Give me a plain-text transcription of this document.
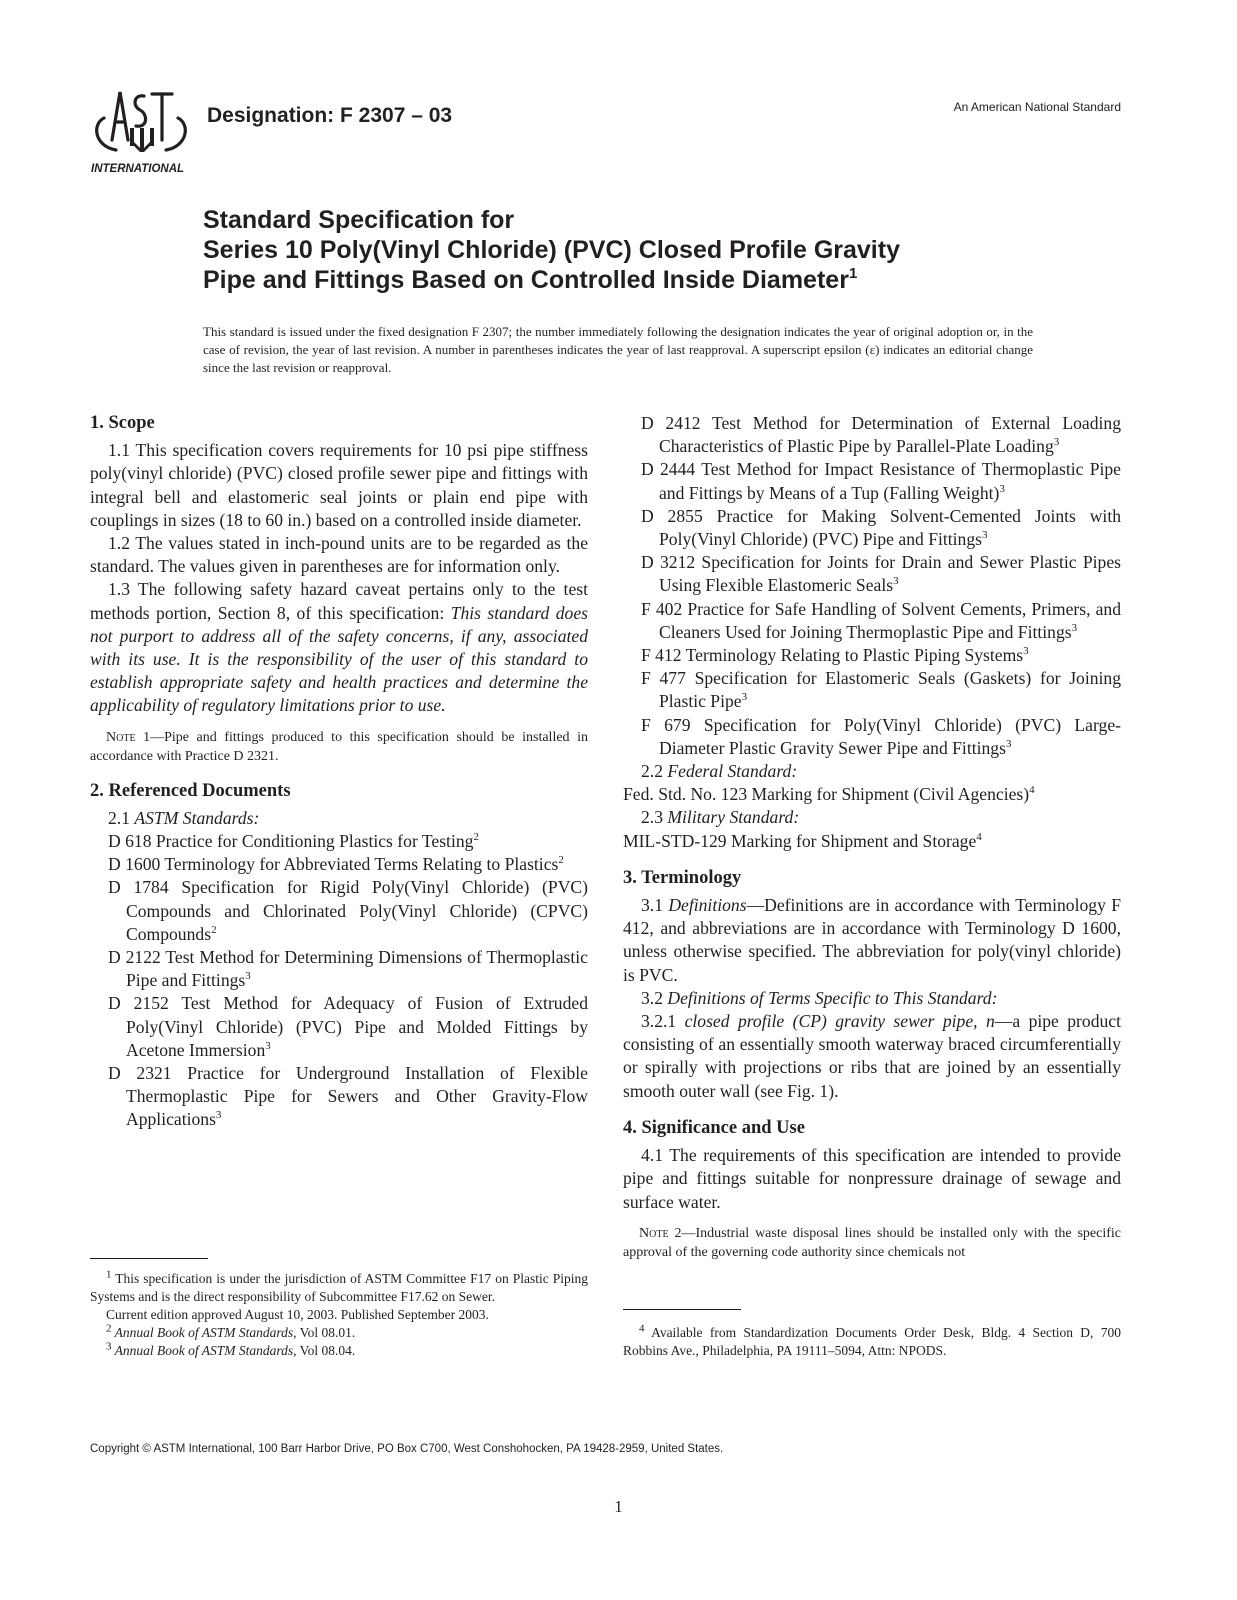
INTERNATIONAL
Designation: F 2307 – 03	An American National Standard
Standard Specification for
Series 10 Poly(Vinyl Chloride) (PVC) Closed Profile Gravity
Pipe and Fittings Based on Controlled Inside Diameter$^1$
This standard is issued under the fixed designation F 2307; the number immediately following the designation indicates the year of original adoption or, in the case of revision, the year of last revision. A number in parentheses indicates the year of last reapproval. A superscript epsilon (ε) indicates an editorial change since the last revision or reapproval.
1. Scope
1.1 This specification covers requirements for 10 psi pipe stiffness poly(vinyl chloride) (PVC) closed profile sewer pipe and fittings with integral bell and elastomeric seal joints or plain end pipe with couplings in sizes (18 to 60 in.) based on a controlled inside diameter.
1.2 The values stated in inch-pound units are to be regarded as the standard. The values given in parentheses are for information only.
1.3 The following safety hazard caveat pertains only to the test methods portion, Section 8, of this specification: This standard does not purport to address all of the safety concerns, if any, associated with its use. It is the responsibility of the user of this standard to establish appropriate safety and health practices and determine the applicability of regulatory limitations prior to use.
Note 1—Pipe and fittings produced to this specification should be installed in accordance with Practice D 2321.
2. Referenced Documents
2.1 ASTM Standards:
D 618 Practice for Conditioning Plastics for Testing$^2$
D 1600 Terminology for Abbreviated Terms Relating to Plastics$^2$
D 1784 Specification for Rigid Poly(Vinyl Chloride) (PVC) Compounds and Chlorinated Poly(Vinyl Chloride) (CPVC) Compounds$^2$
D 2122 Test Method for Determining Dimensions of Thermoplastic Pipe and Fittings$^3$
D 2152 Test Method for Adequacy of Fusion of Extruded Poly(Vinyl Chloride) (PVC) Pipe and Molded Fittings by Acetone Immersion$^3$
D 2321 Practice for Underground Installation of Flexible Thermoplastic Pipe for Sewers and Other Gravity-Flow Applications$^3$
D 2412 Test Method for Determination of External Loading Characteristics of Plastic Pipe by Parallel-Plate Loading$^3$
D 2444 Test Method for Impact Resistance of Thermoplastic Pipe and Fittings by Means of a Tup (Falling Weight)$^3$
D 2855 Practice for Making Solvent-Cemented Joints with Poly(Vinyl Chloride) (PVC) Pipe and Fittings$^3$
D 3212 Specification for Joints for Drain and Sewer Plastic Pipes Using Flexible Elastomeric Seals$^3$
F 402 Practice for Safe Handling of Solvent Cements, Primers, and Cleaners Used for Joining Thermoplastic Pipe and Fittings$^3$
F 412 Terminology Relating to Plastic Piping Systems$^3$
F 477 Specification for Elastomeric Seals (Gaskets) for Joining Plastic Pipe$^3$
F 679 Specification for Poly(Vinyl Chloride) (PVC) Large-Diameter Plastic Gravity Sewer Pipe and Fittings$^3$
2.2 Federal Standard:
Fed. Std. No. 123 Marking for Shipment (Civil Agencies)$^4$
2.3 Military Standard:
MIL-STD-129 Marking for Shipment and Storage$^4$
3. Terminology
3.1 Definitions—Definitions are in accordance with Terminology F 412, and abbreviations are in accordance with Terminology D 1600, unless otherwise specified. The abbreviation for poly(vinyl chloride) is PVC.
3.2 Definitions of Terms Specific to This Standard:
3.2.1 closed profile (CP) gravity sewer pipe, n—a pipe product consisting of an essentially smooth waterway braced circumferentially or spirally with projections or ribs that are joined by an essentially smooth outer wall (see Fig. 1).
4. Significance and Use
4.1 The requirements of this specification are intended to provide pipe and fittings suitable for nonpressure drainage of sewage and surface water.
Note 2—Industrial waste disposal lines should be installed only with the specific approval of the governing code authority since chemicals not
$^1$ This specification is under the jurisdiction of ASTM Committee F17 on Plastic Piping Systems and is the direct responsibility of Subcommittee F17.62 on Sewer.
Current edition approved August 10, 2003. Published September 2003.
$^2$ Annual Book of ASTM Standards, Vol 08.01.
$^3$ Annual Book of ASTM Standards, Vol 08.04.
$^4$ Available from Standardization Documents Order Desk, Bldg. 4 Section D, 700 Robbins Ave., Philadelphia, PA 19111–5094, Attn: NPODS.
Copyright © ASTM International, 100 Barr Harbor Drive, PO Box C700, West Conshohocken, PA 19428-2959, United States.
1
